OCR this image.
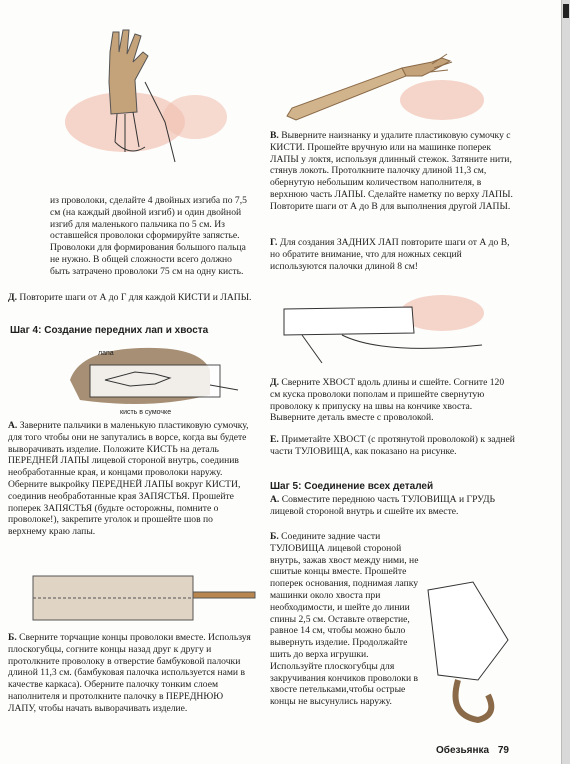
из проволоки, сделайте 4 двойных изгиба по 7,5 см (на каждый двойной изгиб) и один двойной изгиб для маленького пальчика по 5 см. Из оставшейся проволоки сформируйте запястье. Проволоки для формирования большого пальца не нужно. В общей сложности всего должно быть затрачено проволоки 75 см на одну кисть.

Д. Повторите шаги от А до Г для каждой КИСТИ и ЛАПЫ.
Шаг 4: Создание передних лап и хвоста
лапа
кисть в сумочке
А. Заверните пальчики в маленькую пластиковую сумочку, для того чтобы они не запутались в ворсе, когда вы будете выворачивать изделие. Положите КИСТЬ на деталь ПЕРЕДНЕЙ ЛАПЫ лицевой стороной внутрь, соединив необработанные края, и концами проволоки наружу. Оберните выкройку ПЕРЕДНЕЙ ЛАПЫ вокруг КИСТИ, соединив необработанные края ЗАПЯСТЬЯ. Прошейте поперек ЗАПЯСТЬЯ (будьте осторожны, помните о проволоке!), закрепите уголок и прошейте шов по верхнему краю лапы.
Б. Сверните торчащие концы проволоки вместе. Используя плоскогубцы, согните концы назад друг к другу и протолкните проволоку в отверстие бамбуковой палочки длиной 11,3 см. (бамбуковая палочка используется нами в качестве каркаса). Оберните палочку тонким слоем наполнителя и протолкните палочку в ПЕРЕДНЮЮ ЛАПУ, чтобы начать выворачивать изделие.
В. Выверните наизнанку и удалите пластиковую сумочку с КИСТИ. Прошейте вручную или на машинке поперек ЛАПЫ у локтя, используя длинный стежок. Затяните нити, стянув локоть. Протолкните палочку длиной 11,3 см, обернутую небольшим количеством наполнителя, в верхнюю часть ЛАПЫ. Сделайте наметку по верху ЛАПЫ. Повторите шаги от А до В для выполнения другой ЛАПЫ.
Г. Для создания ЗАДНИХ ЛАП повторите шаги от А до В, но обратите внимание, что для ножных секций используются палочки длиной 8 см!
Д. Сверните ХВОСТ вдоль длины и сшейте. Согните 120 см куска проволоки пополам и пришейте свернутую проволоку к припуску на швы на кончике хвоста. Выверните деталь вместе с проволокой.
Е. Приметайте ХВОСТ (с протянутой проволокой) к задней части ТУЛОВИЩА, как показано на рисунке.
Шаг 5: Соединение всех деталей
А. Совместите переднюю часть ТУЛОВИЩА и ГРУДЬ лицевой стороной внутрь и сшейте их вместе.
Б. Соедините задние части ТУЛОВИЩА лицевой стороной внутрь, зажав хвост между ними, не сшитые концы вместе. Прошейте поперек основания, поднимая лапку машинки около хвоста при необходимости, и шейте до линии спины 2,5 см. Оставьте отверстие, равное 14 см, чтобы можно было вывернуть изделие. Продолжайте шить до верха игрушки. Используйте плоскогубцы для закручивания кончиков проволоки в хвосте петельками,чтобы острые концы не высунулись наружу.
Обезьянка 79
